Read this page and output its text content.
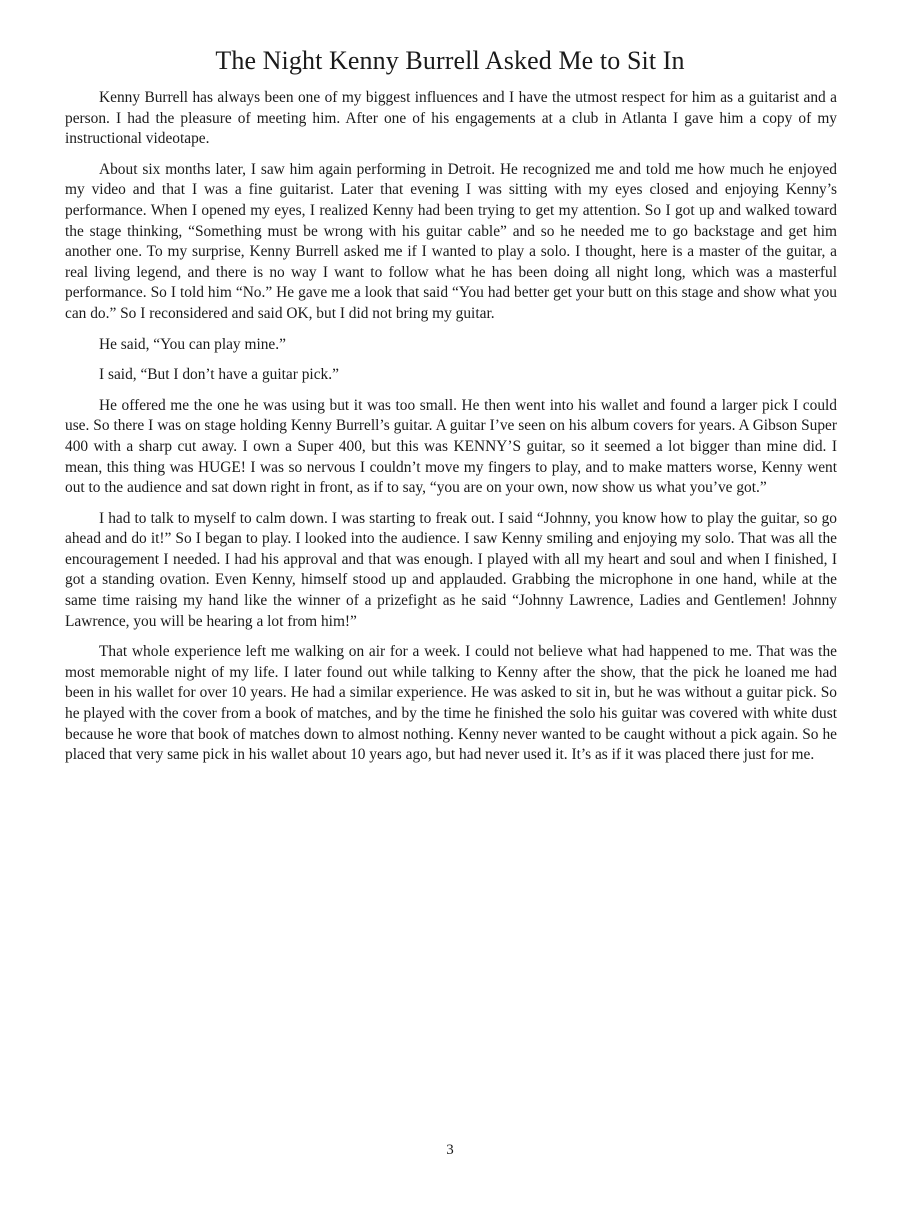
The Night Kenny Burrell Asked Me to Sit In

Kenny Burrell has always been one of my biggest influences and I have the utmost respect for him as a guitarist and a person. I had the pleasure of meeting him. After one of his engagements at a club in Atlanta I gave him a copy of my instructional videotape.

About six months later, I saw him again performing in Detroit. He recognized me and told me how much he enjoyed my video and that I was a fine guitarist. Later that evening I was sitting with my eyes closed and enjoying Kenny’s performance. When I opened my eyes, I realized Kenny had been trying to get my attention. So I got up and walked toward the stage thinking, “Something must be wrong with his guitar cable” and so he needed me to go backstage and get him another one. To my surprise, Kenny Burrell asked me if I wanted to play a solo. I thought, here is a master of the guitar, a real living legend, and there is no way I want to follow what he has been doing all night long, which was a masterful performance. So I told him “No.” He gave me a look that said “You had better get your butt on this stage and show what you can do.” So I reconsidered and said OK, but I did not bring my guitar.

He said, “You can play mine.”

I said, “But I don’t have a guitar pick.”

He offered me the one he was using but it was too small. He then went into his wallet and found a larger pick I could use. So there I was on stage holding Kenny Burrell’s guitar. A guitar I’ve seen on his album covers for years. A Gibson Super 400 with a sharp cut away. I own a Super 400, but this was KENNY’S guitar, so it seemed a lot bigger than mine did. I mean, this thing was HUGE! I was so nervous I couldn’t move my fingers to play, and to make matters worse, Kenny went out to the audience and sat down right in front, as if to say, “you are on your own, now show us what you’ve got.”

I had to talk to myself to calm down. I was starting to freak out. I said “Johnny, you know how to play the guitar, so go ahead and do it!” So I began to play. I looked into the audience. I saw Kenny smiling and enjoying my solo. That was all the encouragement I needed. I had his approval and that was enough. I played with all my heart and soul and when I finished, I got a standing ovation. Even Kenny, himself stood up and applauded. Grabbing the microphone in one hand, while at the same time raising my hand like the winner of a prizefight as he said “Johnny Lawrence, Ladies and Gentlemen! Johnny Lawrence, you will be hearing a lot from him!”

That whole experience left me walking on air for a week. I could not believe what had happened to me. That was the most memorable night of my life. I later found out while talking to Kenny after the show, that the pick he loaned me had been in his wallet for over 10 years. He had a similar experience. He was asked to sit in, but he was without a guitar pick. So he played with the cover from a book of matches, and by the time he finished the solo his guitar was covered with white dust because he wore that book of matches down to almost nothing. Kenny never wanted to be caught without a pick again. So he placed that very same pick in his wallet about 10 years ago, but had never used it. It’s as if it was placed there just for me.

3
